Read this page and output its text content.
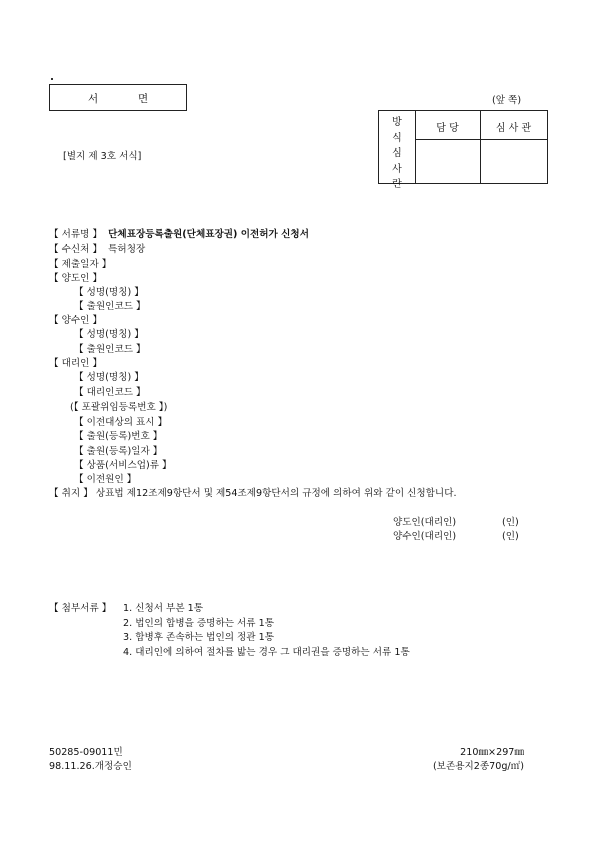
서	면	(앞 쪽)
[별지 제 3호 서식]
방
식
심
사
란
담 당	심 사 관
【 서류명 】 단체표장등록출원(단체표장권) 이전허가 신청서
【 수신처 】 특허청장
【 제출일자 】
【 양도인 】
【 성명(명칭) 】
【 출원인코드 】
【 양수인 】
【 성명(명칭) 】
【 출원인코드 】
【 대리인 】
【 성명(명칭) 】
【 대리인코드 】
(【 포괄위임등록번호 】)
【 이전대상의 표시 】
【 출원(등록)번호 】
【 출원(등록)일자 】
【 상품(서비스업)류 】
【 이전원인 】
【 취지 】 상표법 제12조제9항단서 및 제54조제9항단서의 규정에 의하여 위와 같이 신청합니다.
양도인(대리인)	(인)
양수인(대리인)	(인)
【 첨부서류 】 1. 신청서 부본 1통
2. 법인의 합병을 증명하는 서류 1통
3. 합병후 존속하는 법인의 정관 1통
4. 대리인에 의하여 절차를 밟는 경우 그 대리권을 증명하는 서류 1통
50285-09011민
98.11.26.개정승인
210㎜×297㎜
(보존용지2종70g/㎡)
